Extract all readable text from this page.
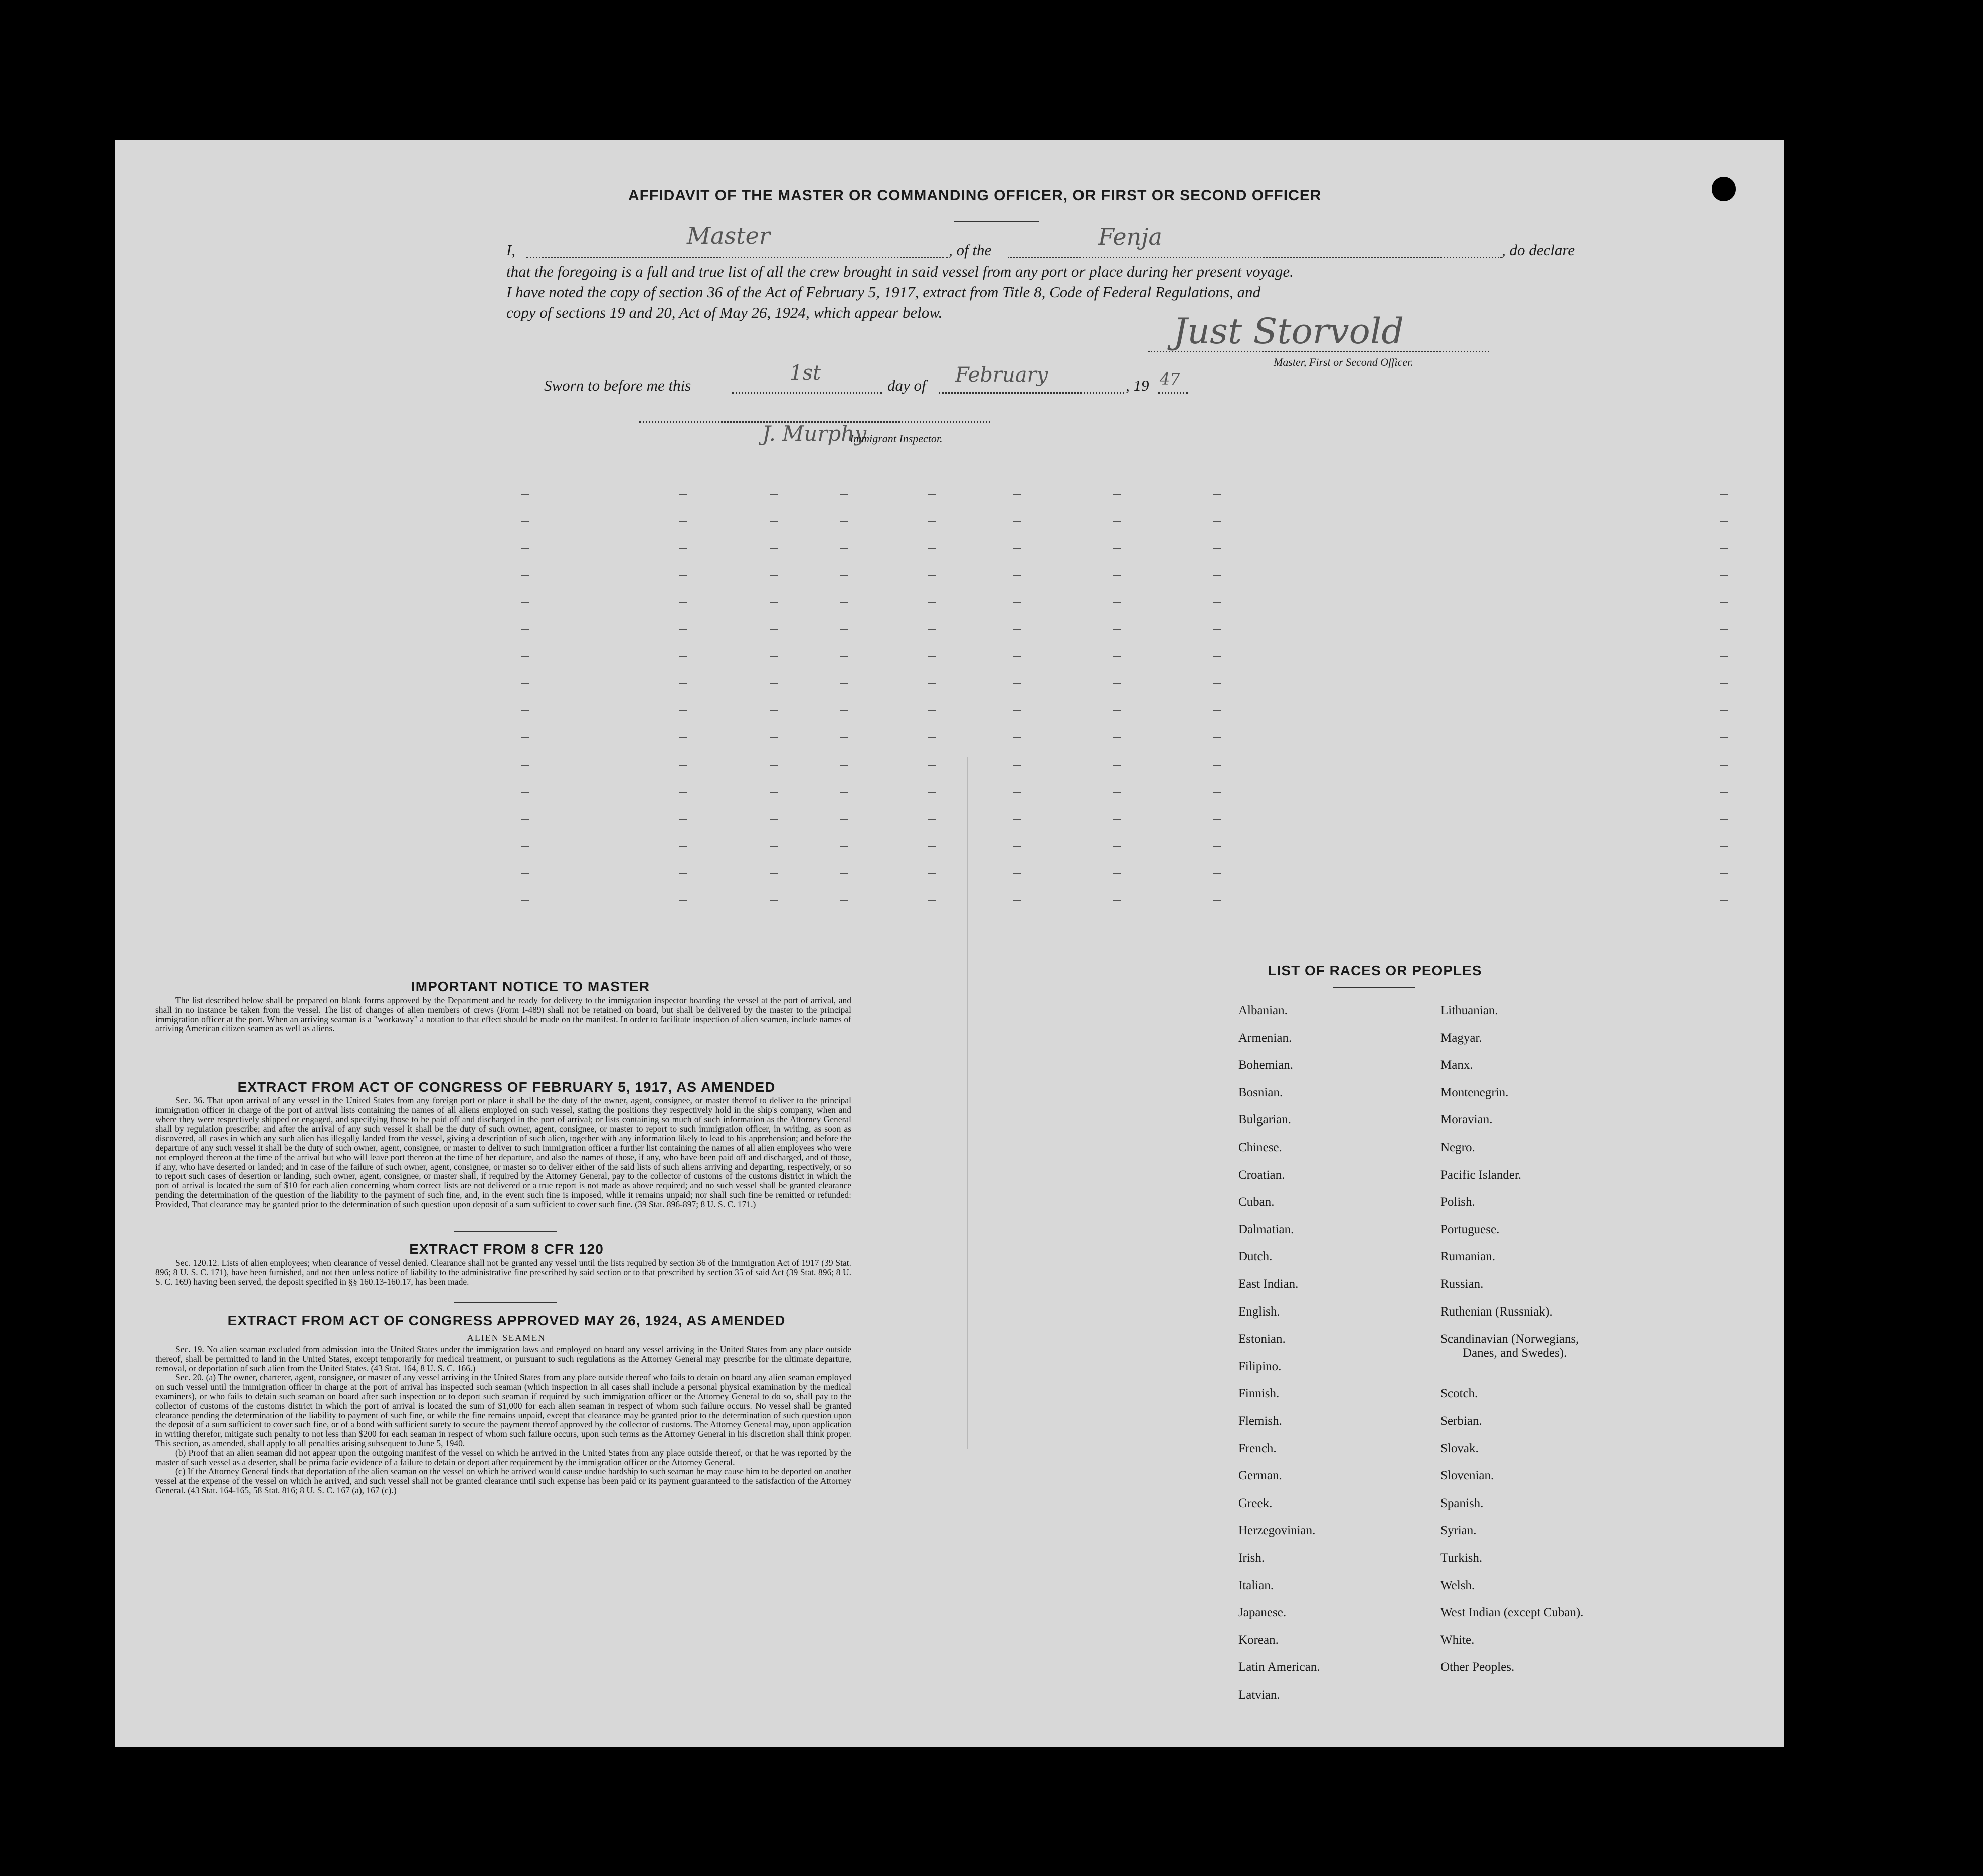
AFFIDAVIT OF THE MASTER OR COMMANDING OFFICER, OR FIRST OR SECOND OFFICER
I,
Master
, of the	Fenja	, do declare
that the foregoing is a full and true list of all the crew brought in said vessel from any port or place during her present voyage.
I have noted the copy of section 36 of the Act of February 5, 1917, extract from Title 8, Code of Federal Regulations, and
copy of sections 19 and 20, Act of May 26, 1924, which appear below.	Just Storvold
Master, First or Second Officer.
Sworn to before me this
1st
day of February	, 19 47
J. Murphy
Immigrant Inspector.
IMPORTANT NOTICE TO MASTER
The list described below shall be prepared on blank forms approved by the Department and be ready for delivery to the immigration inspector boarding the vessel at the port of arrival, and shall in no instance be taken from the vessel. The list of changes of alien members of crews (Form I-489) shall not be retained on board, but shall be delivered by the master to the principal immigration officer at the port. When an arriving seaman is a "workaway" a notation to that effect should be made on the manifest. In order to facilitate inspection of alien seamen, include names of arriving American citizen seamen as well as aliens.
EXTRACT FROM ACT OF CONGRESS OF FEBRUARY 5, 1917, AS AMENDED
Sec. 36. That upon arrival of any vessel in the United States from any foreign port or place it shall be the duty of the owner, agent, consignee, or master thereof to deliver to the principal immigration officer in charge of the port of arrival lists containing the names of all aliens employed on such vessel, stating the positions they respectively hold in the ship's company, when and where they were respectively shipped or engaged, and specifying those to be paid off and discharged in the port of arrival; or lists containing so much of such information as the Attorney General shall by regulation prescribe; and after the arrival of any such vessel it shall be the duty of such owner, agent, consignee, or master to report to such immigration officer, in writing, as soon as discovered, all cases in which any such alien has illegally landed from the vessel, giving a description of such alien, together with any information likely to lead to his apprehension; and before the departure of any such vessel it shall be the duty of such owner, agent, consignee, or master to deliver to such immigration officer a further list containing the names of all alien employees who were not employed thereon at the time of the arrival but who will leave port thereon at the time of her departure, and also the names of those, if any, who have been paid off and discharged, and of those, if any, who have deserted or landed; and in case of the failure of such owner, agent, consignee, or master so to deliver either of the said lists of such aliens arriving and departing, respectively, or so to report such cases of desertion or landing, such owner, agent, consignee, or master shall, if required by the Attorney General, pay to the collector of customs of the customs district in which the port of arrival is located the sum of $10 for each alien concerning whom correct lists are not delivered or a true report is not made as above required; and no such vessel shall be granted clearance pending the determination of the question of the liability to the payment of such fine, and, in the event such fine is imposed, while it remains unpaid; nor shall such fine be remitted or refunded: Provided, That clearance may be granted prior to the determination of such question upon deposit of a sum sufficient to cover such fine. (39 Stat. 896-897; 8 U. S. C. 171.)
EXTRACT FROM 8 CFR 120
Sec. 120.12. Lists of alien employees; when clearance of vessel denied. Clearance shall not be granted any vessel until the lists required by section 36 of the Immigration Act of 1917 (39 Stat. 896; 8 U. S. C. 171), have been furnished, and not then unless notice of liability to the administrative fine prescribed by said section or to that prescribed by section 35 of said Act (39 Stat. 896; 8 U. S. C. 169) having been served, the deposit specified in §§ 160.13-160.17, has been made.
EXTRACT FROM ACT OF CONGRESS APPROVED MAY 26, 1924, AS AMENDED
ALIEN SEAMEN
Sec. 19. No alien seaman excluded from admission into the United States under the immigration laws and employed on board any vessel arriving in the United States from any place outside thereof, shall be permitted to land in the United States, except temporarily for medical treatment, or pursuant to such regulations as the Attorney General may prescribe for the ultimate departure, removal, or deportation of such alien from the United States. (43 Stat. 164, 8 U. S. C. 166.)
Sec. 20. (a) The owner, charterer, agent, consignee, or master of any vessel arriving in the United States from any place outside thereof who fails to detain on board any alien seaman employed on such vessel until the immigration officer in charge at the port of arrival has inspected such seaman (which inspection in all cases shall include a personal physical examination by the medical examiners), or who fails to detain such seaman on board after such inspection or to deport such seaman if required by such immigration officer or the Attorney General to do so, shall pay to the collector of customs of the customs district in which the port of arrival is located the sum of $1,000 for each alien seaman in respect of whom such failure occurs. No vessel shall be granted clearance pending the determination of the liability to payment of such fine, or while the fine remains unpaid, except that clearance may be granted prior to the determination of such question upon the deposit of a sum sufficient to cover such fine, or of a bond with sufficient surety to secure the payment thereof approved by the collector of customs. The Attorney General may, upon application in writing therefor, mitigate such penalty to not less than $200 for each seaman in respect of whom such failure occurs, upon such terms as the Attorney General in his discretion shall think proper. This section, as amended, shall apply to all penalties arising subsequent to June 5, 1940.
(b) Proof that an alien seaman did not appear upon the outgoing manifest of the vessel on which he arrived in the United States from any place outside thereof, or that he was reported by the master of such vessel as a deserter, shall be prima facie evidence of a failure to detain or deport after requirement by the immigration officer or the Attorney General.
(c) If the Attorney General finds that deportation of the alien seaman on the vessel on which he arrived would cause undue hardship to such seaman he may cause him to be deported on another vessel at the expense of the vessel on which he arrived, and such vessel shall not be granted clearance until such expense has been paid or its payment guaranteed to the satisfaction of the Attorney General. (43 Stat. 164-165, 58 Stat. 816; 8 U. S. C. 167 (a), 167 (c).)
LIST OF RACES OR PEOPLES
Albanian.
Armenian.
Bohemian.
Bosnian.
Bulgarian.
Chinese.
Croatian.
Cuban.
Dalmatian.
Dutch.
East Indian.
English.
Estonian.
Filipino.
Finnish.
Flemish.
French.
German.
Greek.
Herzegovinian.
Irish.
Italian.
Japanese.
Korean.
Latin American.
Latvian.
Lithuanian.
Magyar.
Manx.
Montenegrin.
Moravian.
Negro.
Pacific Islander.
Polish.
Portuguese.
Rumanian.
Russian.
Ruthenian (Russniak).
Scandinavian (Norwegians,
Danes, and Swedes).
Scotch.
Serbian.
Slovak.
Slovenian.
Spanish.
Syrian.
Turkish.
Welsh.
West Indian (except Cuban).
White.
Other Peoples.
